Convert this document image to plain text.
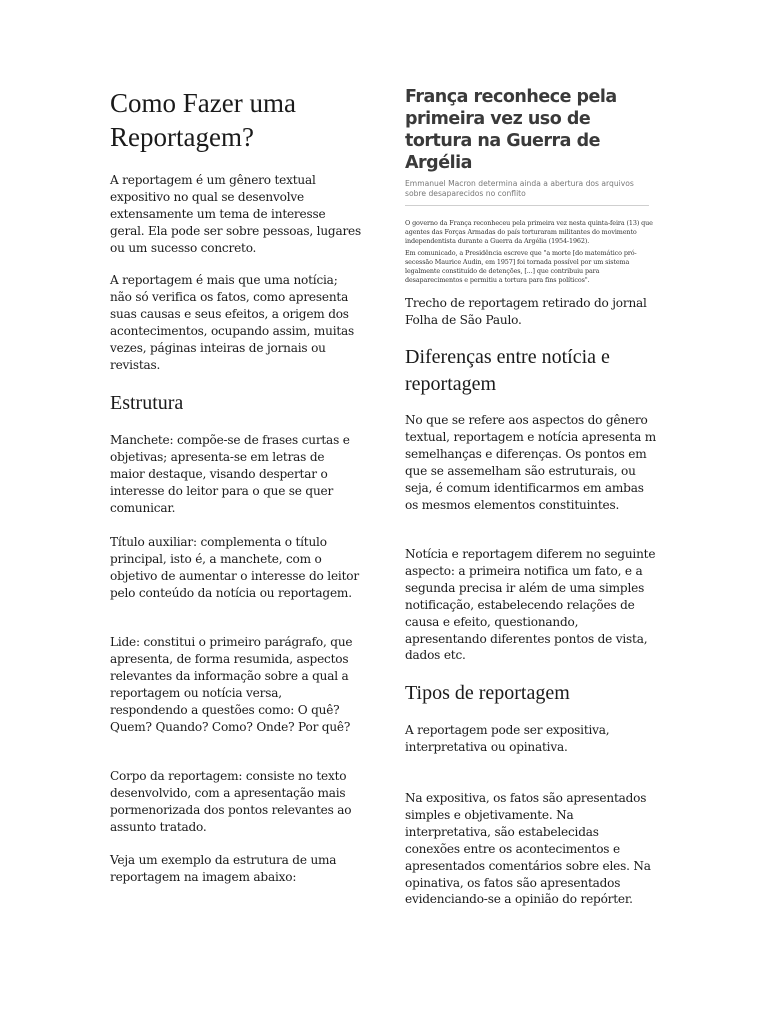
Como Fazer uma Reportagem?

A reportagem é um gênero textual expositivo no qual se desenvolve extensamente um tema de interesse geral. Ela pode ser sobre pessoas, lugares ou um sucesso concreto.

A reportagem é mais que uma notícia; não só verifica os fatos, como apresenta suas causas e seus efeitos, a origem dos acontecimentos, ocupando assim, muitas vezes, páginas inteiras de jornais ou revistas.

Estrutura

Manchete: compõe-se de frases curtas e objetivas; apresenta-se em letras de maior destaque, visando despertar o interesse do leitor para o que se quer comunicar.

Título auxiliar: complementa o título principal, isto é, a manchete, com o objetivo de aumentar o interesse do leitor pelo conteúdo da notícia ou reportagem.

Lide: constitui o primeiro parágrafo, que apresenta, de forma resumida, aspectos relevantes da informação sobre a qual a reportagem ou notícia versa, respondendo a questões como: O quê? Quem? Quando? Como? Onde? Por quê?

Corpo da reportagem: consiste no texto desenvolvido, com a apresentação mais pormenorizada dos pontos relevantes ao assunto tratado.

Veja um exemplo da estrutura de uma reportagem na imagem abaixo:

França reconhece pela primeira vez uso de tortura na Guerra de Argélia
Emmanuel Macron determina ainda a abertura dos arquivos sobre desaparecidos no conflito
O governo da França reconheceu pela primeira vez nesta quinta-feira (13) que agentes das Forças Armadas do país torturaram militantes do movimento independentista durante a Guerra da Argélia (1954-1962).
Em comunicado, a Presidência escreve que "a morte [do matemático pró-secessão Maurice Audin, em 1957] foi tornada possível por um sistema legalmente constituído de detenções, [...] que contribuiu para desaparecimentos e permitiu a tortura para fins políticos".

Trecho de reportagem retirado do jornal Folha de São Paulo.

Diferenças entre notícia e reportagem

No que se refere aos aspectos do gênero textual, reportagem e notícia apresenta m semelhanças e diferenças. Os pontos em que se assemelham são estruturais, ou seja, é comum identificarmos em ambas os mesmos elementos constituintes.

Notícia e reportagem diferem no seguinte aspecto: a primeira notifica um fato, e a segunda precisa ir além de uma simples notificação, estabelecendo relações de causa e efeito, questionando, apresentando diferentes pontos de vista, dados etc.

Tipos de reportagem

A reportagem pode ser expositiva, interpretativa ou opinativa.

Na expositiva, os fatos são apresentados simples e objetivamente. Na interpretativa, são estabelecidas conexões entre os acontecimentos e apresentados comentários sobre eles. Na opinativa, os fatos são apresentados evidenciando-se a opinião do repórter.
